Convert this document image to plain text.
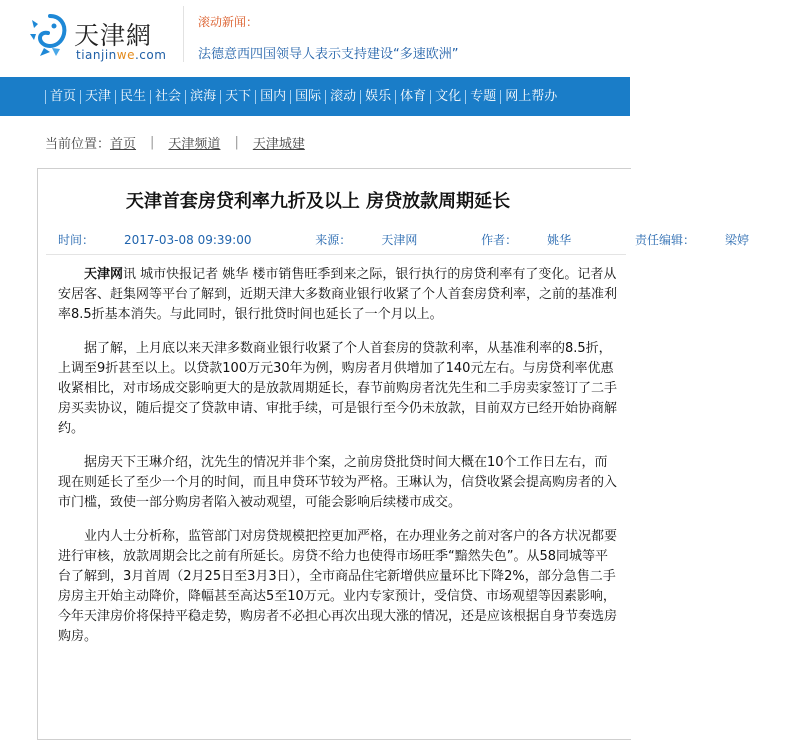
天津網
tianjinwe.com
滚动新闻：
法德意西四国领导人表示支持建设“多速欧洲”
首页 天津 民生 社会 滨海 天下 国内 国际 滚动 娱乐 体育 文化 专题 网上帮办
当前位置： 首页 | 天津频道 | 天津城建
天津首套房贷利率九折及以上 房贷放款周期延长
时间：	2017-03-08 09:39:00	来源：	天津网	作者：	姚华	责任编辑：	梁婷

天津网讯 城市快报记者 姚华 楼市销售旺季到来之际，银行执行的房贷利率有了变化。记者从安居客、赶集网等平台了解到，近期天津大多数商业银行收紧了个人首套房贷利率，之前的基准利率8.5折基本消失。与此同时，银行批贷时间也延长了一个月以上。

据了解，上月底以来天津多数商业银行收紧了个人首套房的贷款利率，从基准利率的8.5折，上调至9折甚至以上。以贷款100万元30年为例，购房者月供增加了140元左右。与房贷利率优惠收紧相比，对市场成交影响更大的是放款周期延长，春节前购房者沈先生和二手房卖家签订了二手房买卖协议，随后提交了贷款申请、审批手续，可是银行至今仍未放款，目前双方已经开始协商解约。

据房天下王琳介绍，沈先生的情况并非个案，之前房贷批贷时间大概在10个工作日左右，而现在则延长了至少一个月的时间，而且申贷环节较为严格。王琳认为，信贷收紧会提高购房者的入市门槛，致使一部分购房者陷入被动观望，可能会影响后续楼市成交。

业内人士分析称，监管部门对房贷规模把控更加严格，在办理业务之前对客户的各方状况都要进行审核，放款周期会比之前有所延长。房贷不给力也使得市场旺季“黯然失色”。从58同城等平台了解到，3月首周（2月25日至3月3日），全市商品住宅新增供应量环比下降2%，部分急售二手房房主开始主动降价，降幅甚至高达5至10万元。业内专家预计，受信贷、市场观望等因素影响，今年天津房价将保持平稳走势，购房者不必担心再次出现大涨的情况，还是应该根据自身节奏选房购房。
